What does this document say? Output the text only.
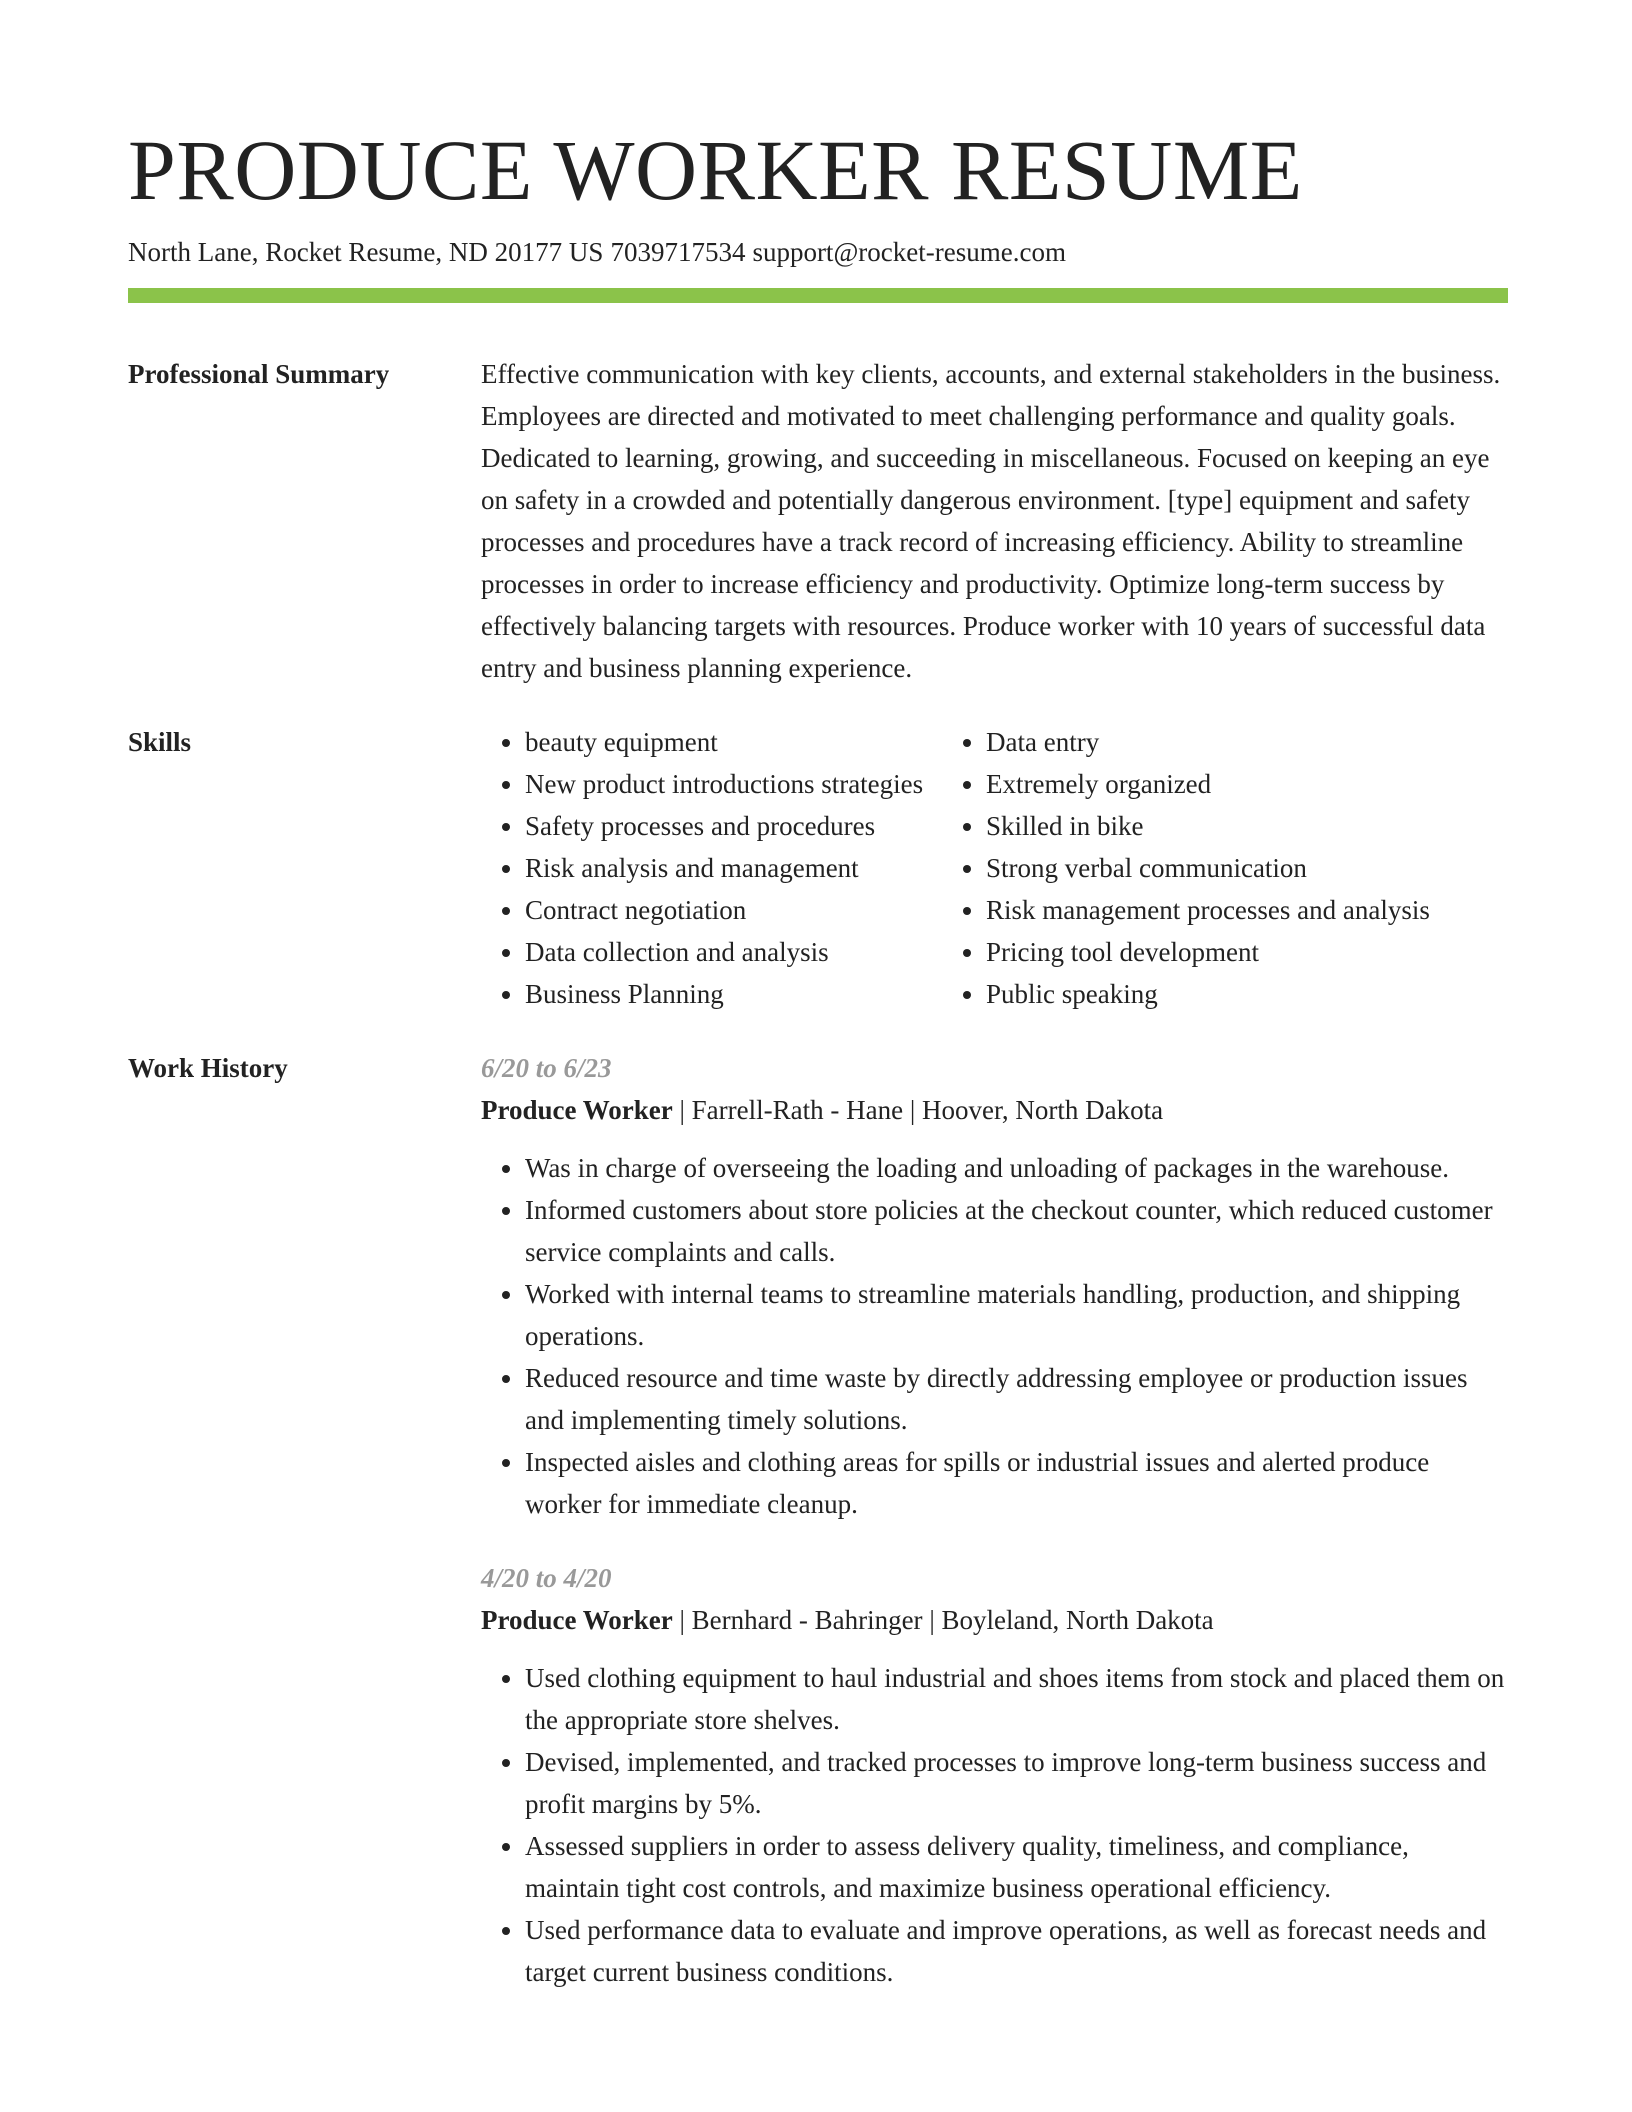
PRODUCE WORKER RESUME
North Lane, Rocket Resume, ND 20177 US 7039717534 support@rocket-resume.com
Professional Summary	Effective communication with key clients, accounts, and external stakeholders in the business. Employees are directed and motivated to meet challenging performance and quality goals. Dedicated to learning, growing, and succeeding in miscellaneous. Focused on keeping an eye on safety in a crowded and potentially dangerous environment. [type] equipment and safety processes and procedures have a track record of increasing efficiency. Ability to streamline processes in order to increase efficiency and productivity. Optimize long-term success by effectively balancing targets with resources. Produce worker with 10 years of successful data entry and business planning experience.
Skills
•	beauty equipment
• New product introductions strategies
• Safety processes and procedures
• Risk analysis and management
• Contract negotiation
• Data collection and analysis
• Business Planning
• Data entry
• Extremely organized
• Skilled in bike
• Strong verbal communication
• Risk management processes and analysis
• Pricing tool development
• Public speaking
Work History	6/20 to 6/23
Produce Worker | Farrell-Rath - Hane | Hoover, North Dakota
• Was in charge of overseeing the loading and unloading of packages in the warehouse.
• Informed customers about store policies at the checkout counter, which reduced customer service complaints and calls.
• Worked with internal teams to streamline materials handling, production, and shipping operations.
• Reduced resource and time waste by directly addressing employee or production issues and implementing timely solutions.
• Inspected aisles and clothing areas for spills or industrial issues and alerted produce worker for immediate cleanup.
4/20 to 4/20
Produce Worker | Bernhard - Bahringer | Boyleland, North Dakota
• Used clothing equipment to haul industrial and shoes items from stock and placed them on the appropriate store shelves.
• Devised, implemented, and tracked processes to improve long-term business success and profit margins by 5%.
• Assessed suppliers in order to assess delivery quality, timeliness, and compliance, maintain tight cost controls, and maximize business operational efficiency.
• Used performance data to evaluate and improve operations, as well as forecast needs and target current business conditions.
